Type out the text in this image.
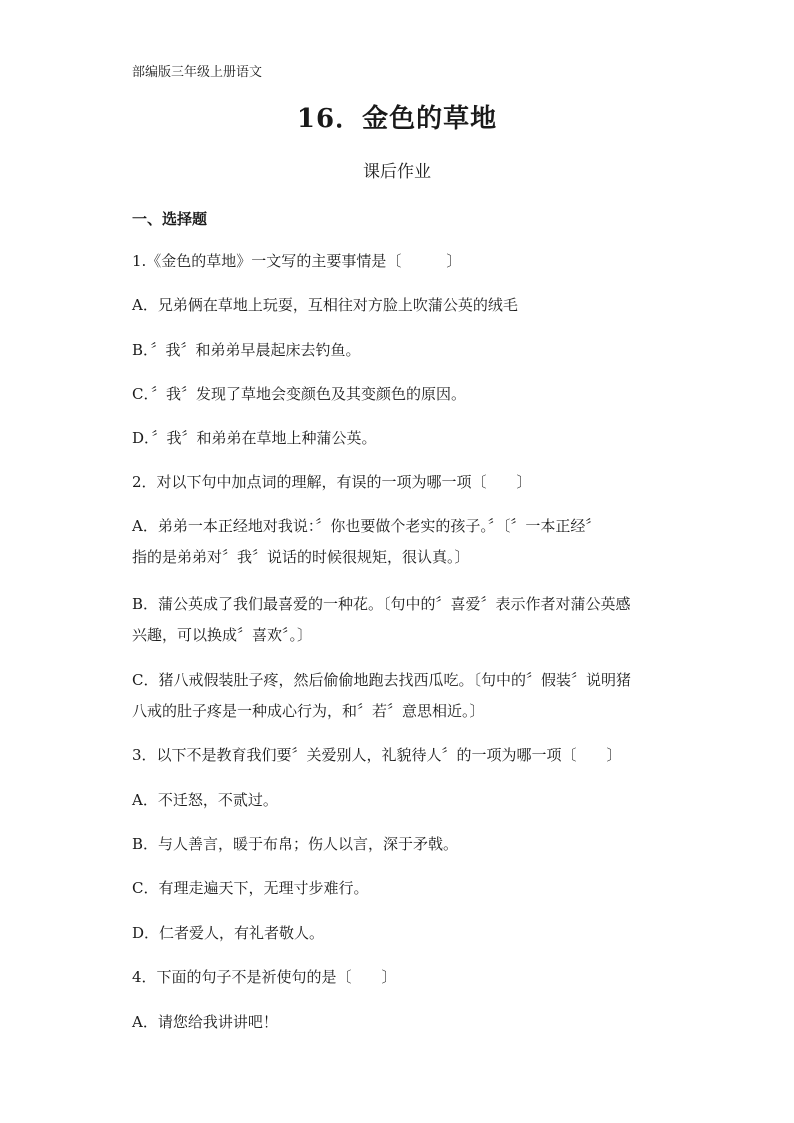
部编版三年级上册语文
16．金色的草地
课后作业
一、选择题
1.《金色的草地》一文写的主要事情是〔　　　〕
A．兄弟俩在草地上玩耍，互相往对方脸上吹蒲公英的绒毛
B．〞我〞和弟弟早晨起床去钓鱼。
C．〞我〞发现了草地会变颜色及其变颜色的原因。
D．〞我〞和弟弟在草地上种蒲公英。
2．对以下句中加点词的理解，有误的一项为哪一项〔　　〕
A．弟弟一本正经地对我说：〞你也要做个老实的孩子。〞〔〞一本正经〞
指的是弟弟对〞我〞说话的时候很规矩，很认真。〕
B．蒲公英成了我们最喜爱的一种花。〔句中的〞喜爱〞表示作者对蒲公英感
兴趣，可以换成〞喜欢〞。〕
C．猪八戒假装肚子疼，然后偷偷地跑去找西瓜吃。〔句中的〞假装〞说明猪
八戒的肚子疼是一种成心行为，和〞若〞意思相近。〕
3．以下不是教育我们要〞关爱别人，礼貌待人〞的一项为哪一项〔　　〕
A．不迁怒，不贰过。
B．与人善言，暖于布帛；伤人以言，深于矛戟。
C．有理走遍天下，无理寸步难行。
D．仁者爱人，有礼者敬人。
4．下面的句子不是祈使句的是〔　　〕
A．请您给我讲讲吧！
